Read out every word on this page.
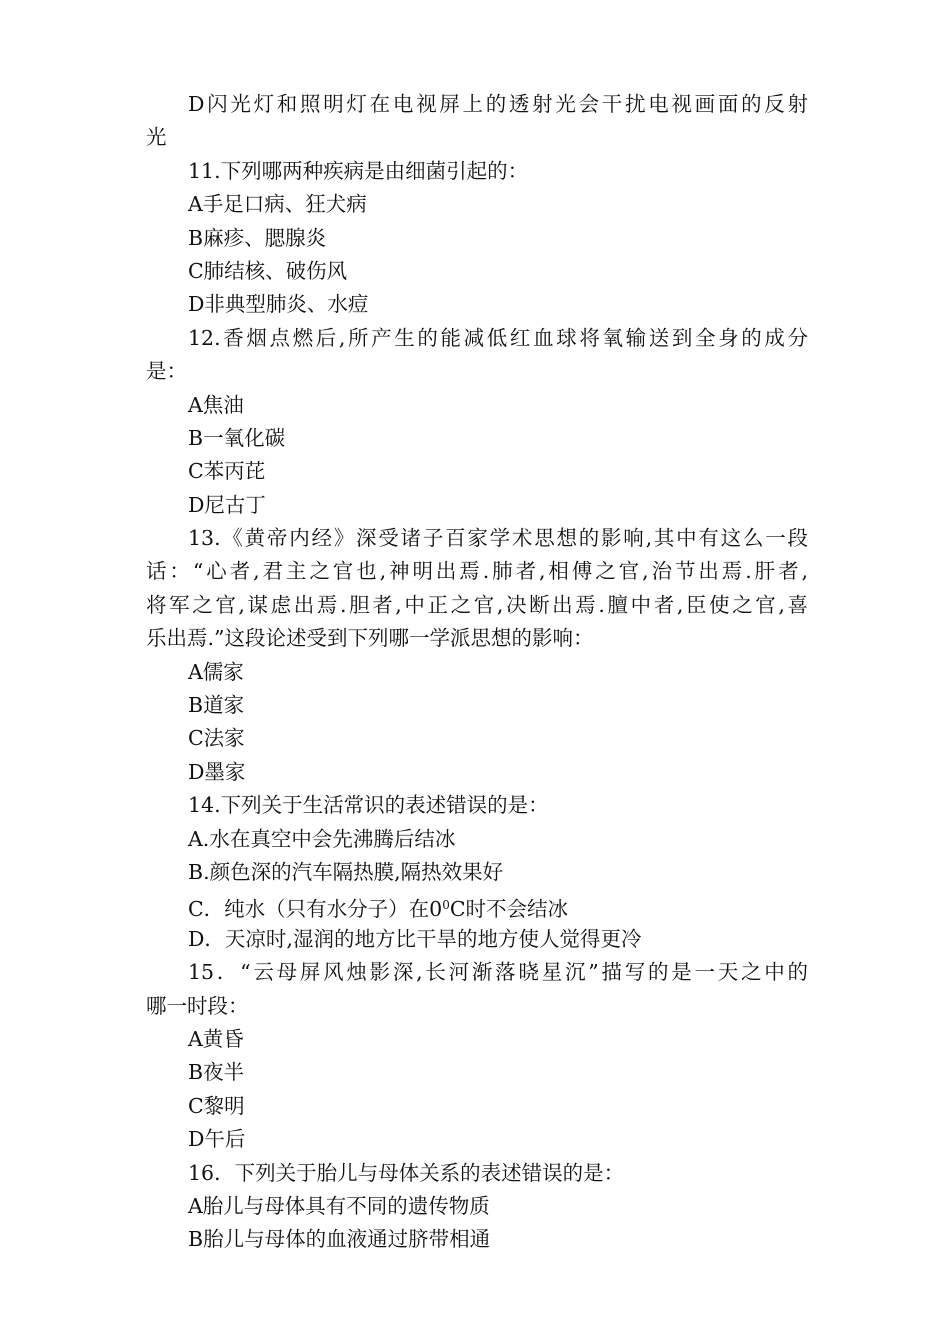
D闪光灯和照明灯在电视屏上的透射光会干扰电视画面的反射
光
11.下列哪两种疾病是由细菌引起的：
A手足口病、狂犬病
B麻疹、腮腺炎
C肺结核、破伤风
D非典型肺炎、水痘
12.香烟点燃后,所产生的能减低红血球将氧输送到全身的成分
是：
A焦油
B一氧化碳
C苯丙芘
D尼古丁
13.《黄帝内经》深受诸子百家学术思想的影响,其中有这么一段
话：“心者,君主之官也,神明出焉.肺者,相傅之官,治节出焉.肝者,
将军之官,谋虑出焉.胆者,中正之官,决断出焉.膻中者,臣使之官,喜
乐出焉.”这段论述受到下列哪一学派思想的影响：
A儒家
B道家
C法家
D墨家
14.下列关于生活常识的表述错误的是：
A.水在真空中会先沸腾后结冰
B.颜色深的汽车隔热膜,隔热效果好
C．纯水（只有水分子）在$0^0C$时不会结冰
D．天凉时,湿润的地方比干旱的地方使人觉得更冷
15．“云母屏风烛影深,长河渐落晓星沉”描写的是一天之中的
哪一时段：
A黄昏
B夜半
C黎明
D午后
16．下列关于胎儿与母体关系的表述错误的是：
A胎儿与母体具有不同的遗传物质
B胎儿与母体的血液通过脐带相通
